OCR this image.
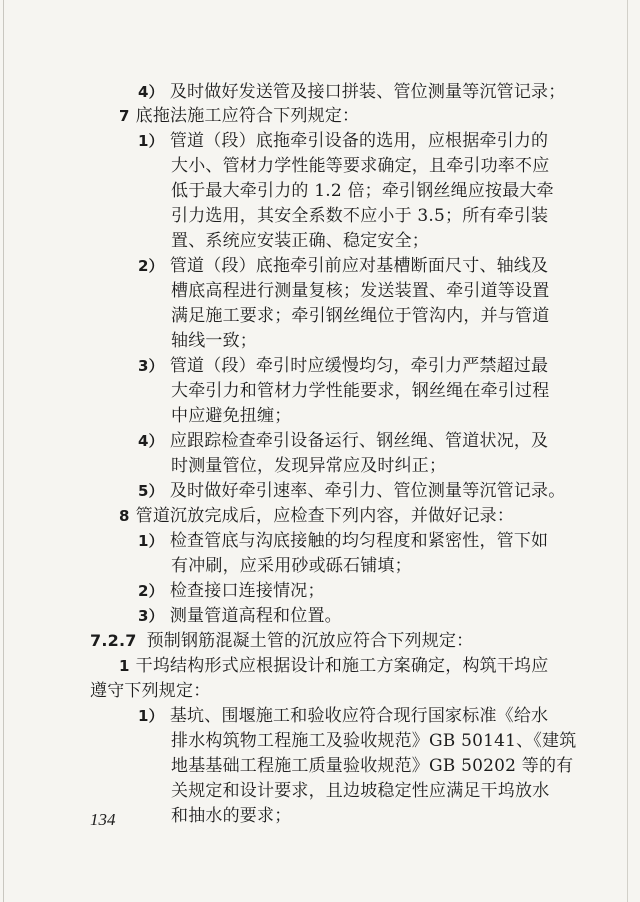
4） 及时做好发送管及接口拼装、管位测量等沉管记录；
7 底拖法施工应符合下列规定：
1） 管道（段）底拖牵引设备的选用，应根据牵引力的
大小、管材力学性能等要求确定，且牵引功率不应
低于最大牵引力的 1.2 倍；牵引钢丝绳应按最大牵
引力选用，其安全系数不应小于 3.5；所有牵引装
置、系统应安装正确、稳定安全；
2） 管道（段）底拖牵引前应对基槽断面尺寸、轴线及
槽底高程进行测量复核；发送装置、牵引道等设置
满足施工要求；牵引钢丝绳位于管沟内，并与管道
轴线一致；
3） 管道（段）牵引时应缓慢均匀，牵引力严禁超过最
大牵引力和管材力学性能要求，钢丝绳在牵引过程
中应避免扭缠；
4） 应跟踪检查牵引设备运行、钢丝绳、管道状况，及
时测量管位，发现异常应及时纠正；
5） 及时做好牵引速率、牵引力、管位测量等沉管记录。
8 管道沉放完成后，应检查下列内容，并做好记录：
1） 检查管底与沟底接触的均匀程度和紧密性，管下如
有冲刷，应采用砂或砾石铺填；
2） 检查接口连接情况；
3） 测量管道高程和位置。
7.2.7 预制钢筋混凝土管的沉放应符合下列规定：
1 干坞结构形式应根据设计和施工方案确定，构筑干坞应
遵守下列规定：
1） 基坑、围堰施工和验收应符合现行国家标准《给水
排水构筑物工程施工及验收规范》GB 50141、《建筑
地基基础工程施工质量验收规范》GB 50202 等的有
关规定和设计要求，且边坡稳定性应满足干坞放水
和抽水的要求；
134
